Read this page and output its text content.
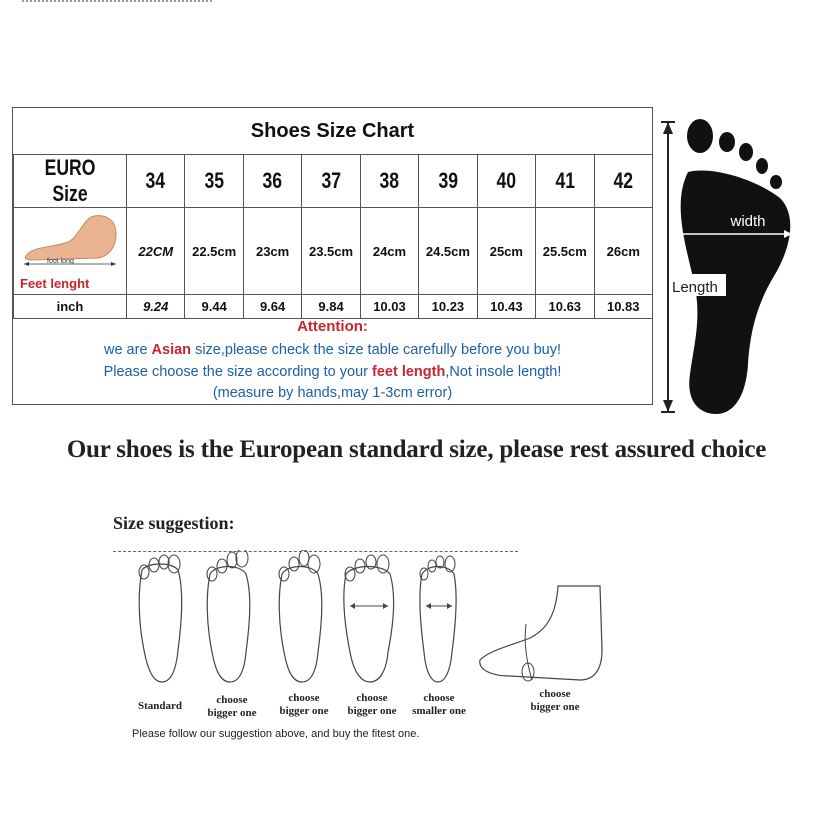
Shoes Size Chart
EURO Size	34	35	36	37	38	39	40	41	42

foot long
Feet lenght	22CM	22.5cm	23cm	23.5cm	24cm	24.5cm	25cm	25.5cm	26cm
inch	9.24	9.44	9.64	9.84	10.03	10.23	10.43	10.63	10.83
Attention:
we are Asian size,please check the size table carefully before you buy!
Please choose the size according to your feet length,Not insole length!
(measure by hands,may 1-3cm error)
width
Length
Our shoes is the European standard size, please rest assured choice
Size suggestion:
Standard	choose
bigger one
choose
bigger one
choose
bigger one
choose
smaller one
choose
bigger one
Please follow our suggestion above, and buy the fitest one.
